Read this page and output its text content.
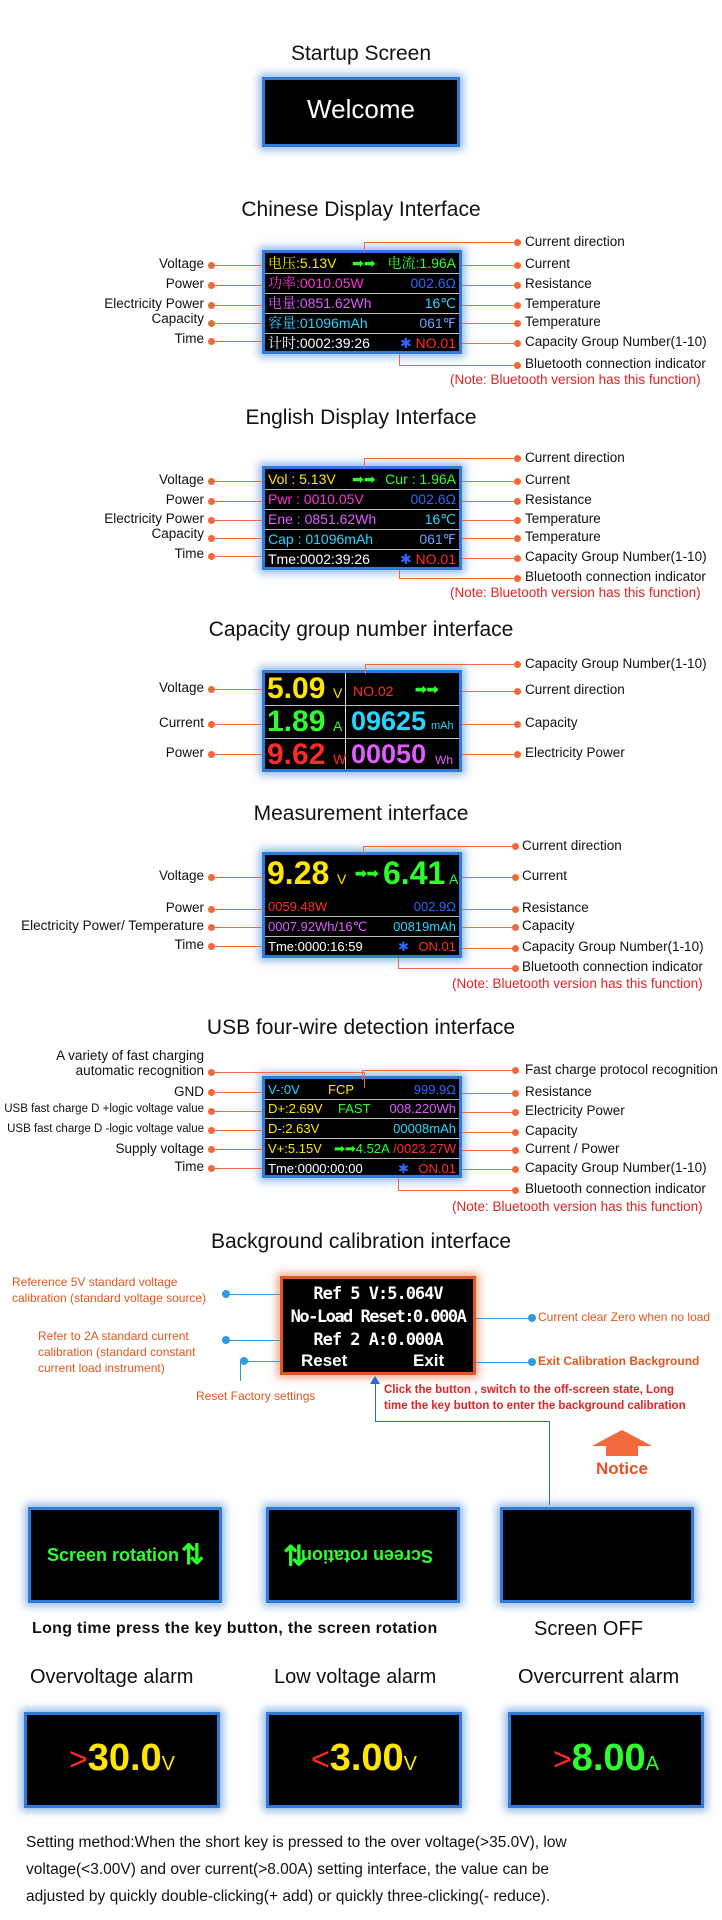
Startup Screen
Welcome
Chinese Display Interface
电压:5.13V ➡➡ 电流:1.96A
功率:0010.05W	002.6Ω
电量:0851.62Wh	16℃
容量:01096mAh	061℉
计时:0002:39:26 ✱ NO.01
Voltage
Power
Electricity Power
Capacity
Time
Current direction
Current
Resistance
Temperature
Temperature
Capacity Group Number(1-10)
Bluetooth connection indicator
(Note: Bluetooth version has this function)
English Display Interface
Vol : 5.13V ➡➡ Cur : 1.96A
Pwr : 0010.05V	002.6Ω
Ene : 0851.62Wh	16℃
Cap : 01096mAh	061℉
Tme:0002:39:26 ✱ NO.01
Voltage
Power
Electricity Power
Capacity
Time
Current direction
Current
Resistance
Temperature
Temperature
Capacity Group Number(1-10)
Bluetooth connection indicator
(Note: Bluetooth version has this function)
Capacity group number interface
5.09 V NO.02 ➡➡
1.89 A 09625 mAh
9.62 W 00050 Wh
Voltage
Current
Power
Capacity Group Number(1-10)
Current direction
Capacity
Electricity Power
Measurement interface
9.28 V ➡➡ 6.41 A
0059.48W	002.9Ω
0007.92Wh/16℃ 00819mAh
Tme:0000:16:59	✱ ON.01
Voltage
Power
Electricity Power/ Temperature
Time
Current direction
Current
Resistance
Capacity
Capacity Group Number(1-10)
Bluetooth connection indicator
(Note: Bluetooth version has this function)
USB four-wire detection interface
V-:0V FCP	999.9Ω
D+:2.69V FAST 008.220Wh
D-:2.63V	00008mAh
V+:5.15V ➡➡4.52A /0023.27W
Tme:0000:00:00	✱ ON.01
A variety of fast charging
automatic recognition
GND
USB fast charge D +logic voltage value
USB fast charge D -logic voltage value
Supply voltage
Time
Fast charge protocol recognition
Resistance
Electricity Power
Capacity
Current / Power
Capacity Group Number(1-10)
Bluetooth connection indicator
(Note: Bluetooth version has this function)
Background calibration interface
Ref 5 V:5.064V
No-Load Reset:0.000A
Ref 2 A:0.000A
Reset	Exit
Reference 5V standard voltage
calibration (standard voltage source)
Refer to 2A standard current
calibration (standard constant
current load instrument)
Reset Factory settings
Current clear Zero when no load
Exit Calibration Background
Click the button , switch to the off-screen state, Long
time the key button to enter the background calibration
Notice
Screen rotation ⇅	Screen rotation
⇅
Long time press the key button, the screen rotation	Screen OFF
Overvoltage alarm	Low voltage alarm	Overcurrent alarm
>30.0V	<3.00V	>8.00A
Setting method:When the short key is pressed to the over voltage(>35.0V), low
voltage(<3.00V) and over current(>8.00A) setting interface, the value can be
adjusted by quickly double-clicking(+ add) or quickly three-clicking(- reduce).
